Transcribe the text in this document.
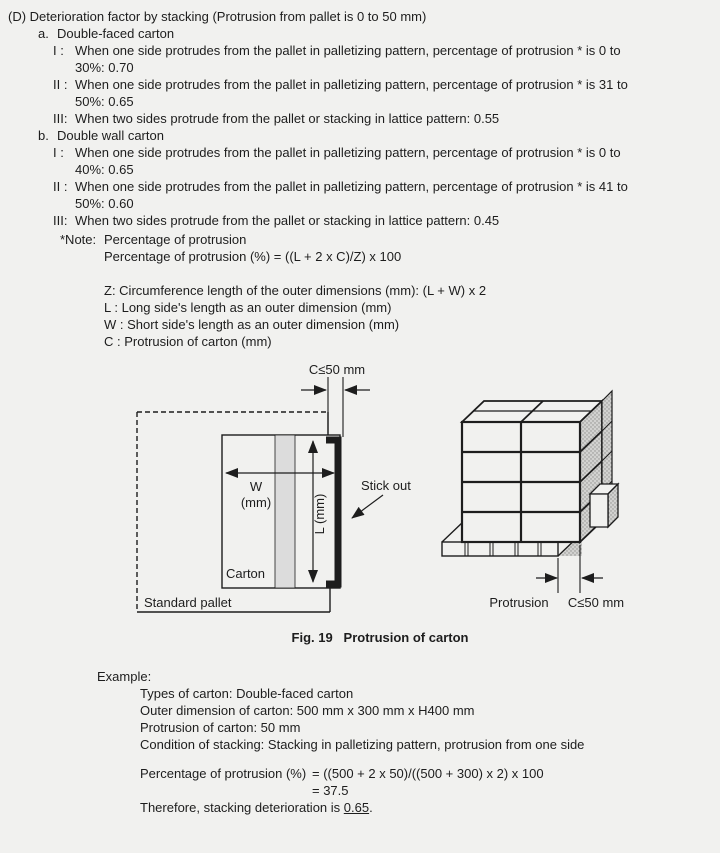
(D) Deterioration factor by stacking (Protrusion from pallet is 0 to 50 mm)
a. Double-faced carton
I : When one side protrudes from the pallet in palletizing pattern, percentage of protrusion * is 0 to
30%: 0.70
II : When one side protrudes from the pallet in palletizing pattern, percentage of protrusion * is 31 to
50%: 0.65
III: When two sides protrude from the pallet or stacking in lattice pattern: 0.55
b. Double wall carton
I : When one side protrudes from the pallet in palletizing pattern, percentage of protrusion * is 0 to
40%: 0.65
II : When one side protrudes from the pallet in palletizing pattern, percentage of protrusion * is 41 to
50%: 0.60
III: When two sides protrude from the pallet or stacking in lattice pattern: 0.45
*Note: Percentage of protrusion
Percentage of protrusion (%) = ((L + 2 x C)/Z) x 100
Z: Circumference length of the outer dimensions (mm): (L + W) x 2
L : Long side's length as an outer dimension (mm)
W : Short side's length as an outer dimension (mm)
C : Protrusion of carton (mm)
C≤50 mm
W
(mm)	L (mm)
Carton
Standard pallet
Stick out
Protrusion C≤50 mm
Fig. 19   Protrusion of carton
Example:
Types of carton: Double-faced carton
Outer dimension of carton: 500 mm x 300 mm x H400 mm
Protrusion of carton: 50 mm
Condition of stacking: Stacking in palletizing pattern, protrusion from one side
Percentage of protrusion (%) = ((500 + 2 x 50)/((500 + 300) x 2) x 100
= 37.5
Therefore, stacking deterioration is 0.65.
